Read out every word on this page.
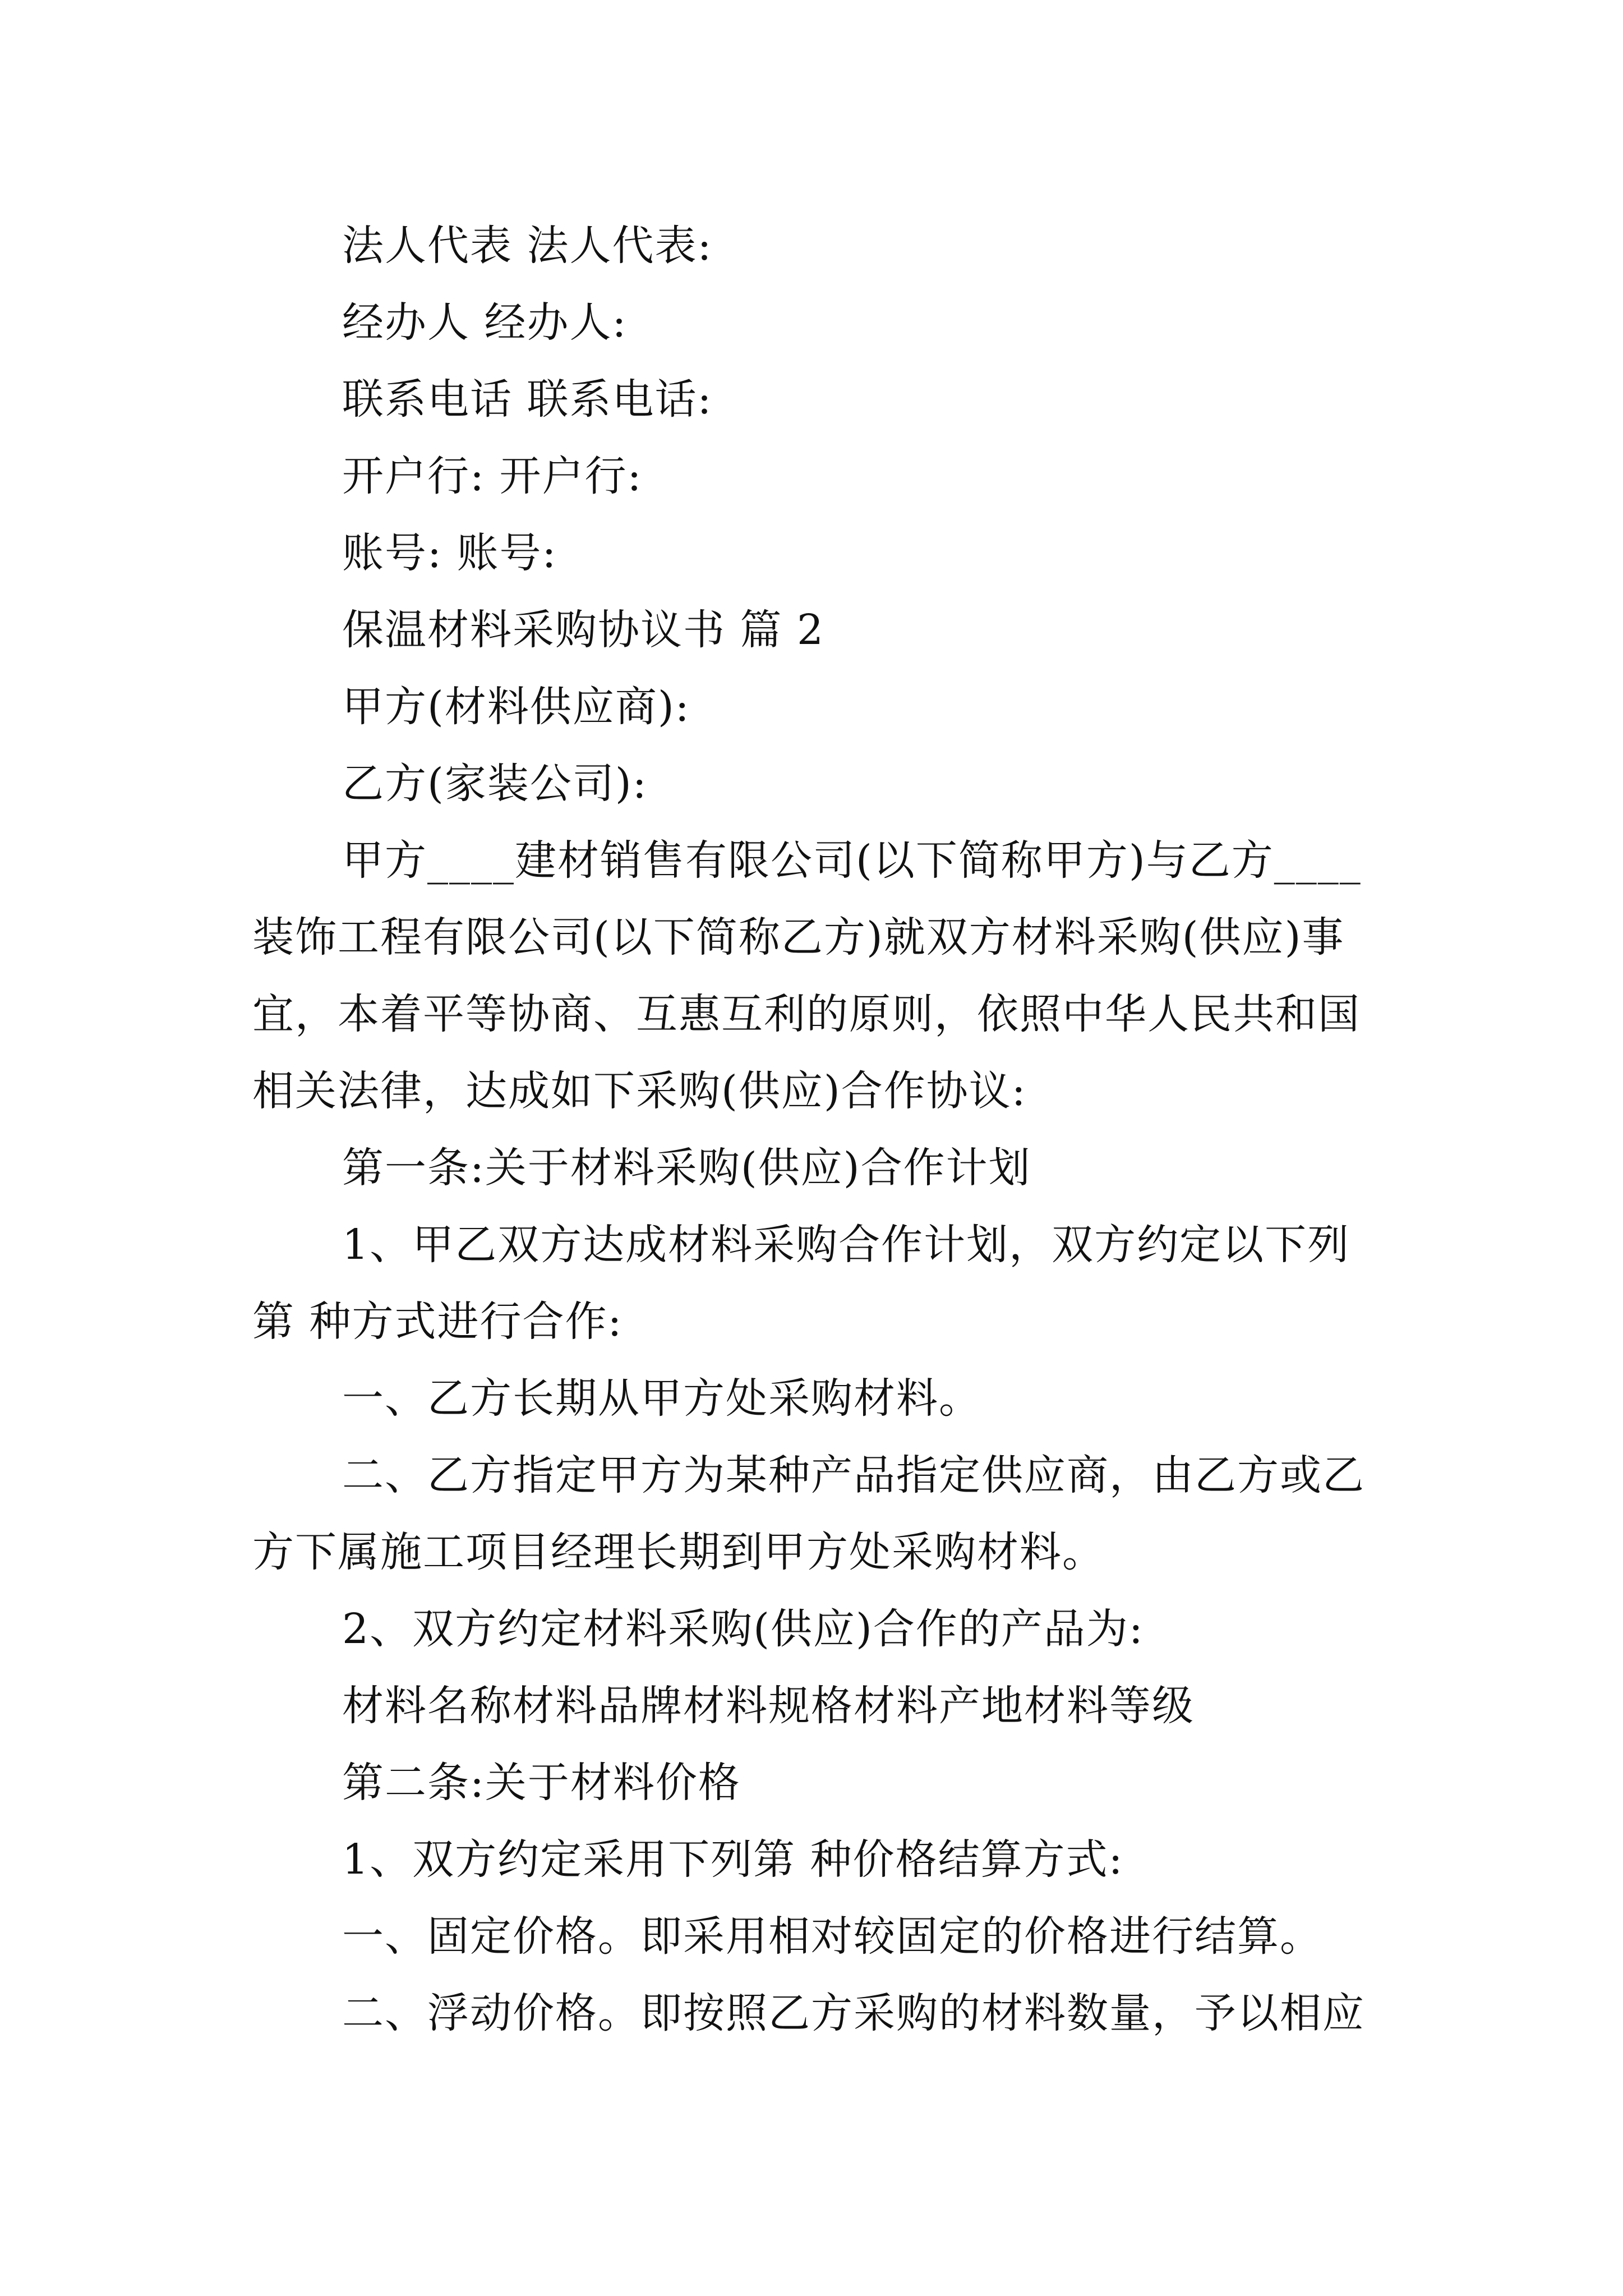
法人代表 法人代表:

经办人 经办人:

联系电话 联系电话:

开户行: 开户行:

账号: 账号:

保温材料采购协议书 篇 2

甲方(材料供应商):

乙方(家装公司):

甲方____建材销售有限公司(以下简称甲方)与乙方____

装饰工程有限公司(以下简称乙方)就双方材料采购(供应)事

宜，本着平等协商、互惠互利的原则，依照中华人民共和国

相关法律，达成如下采购(供应)合作协议:

第一条:关于材料采购(供应)合作计划

1、甲乙双方达成材料采购合作计划，双方约定以下列

第 种方式进行合作:

一、乙方长期从甲方处采购材料。

二、乙方指定甲方为某种产品指定供应商，由乙方或乙

方下属施工项目经理长期到甲方处采购材料。

2、双方约定材料采购(供应)合作的产品为:

材料名称材料品牌材料规格材料产地材料等级

第二条:关于材料价格

1、双方约定采用下列第 种价格结算方式:

一、固定价格。即采用相对较固定的价格进行结算。

二、浮动价格。即按照乙方采购的材料数量，予以相应
